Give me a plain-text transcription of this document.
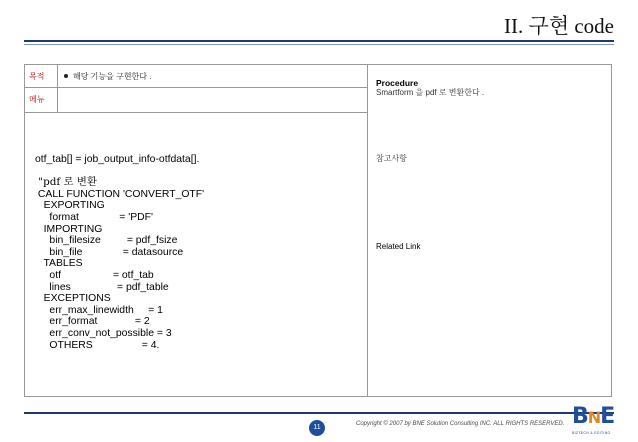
II. 구현 code
목적	해당 기능을 구현한다 .
메뉴
otf_tab[] = job_output_info-otfdata[].
"pdf 로 변환
CALL FUNCTION 'CONVERT_OTF'
EXPORTING
format              = 'PDF'
IMPORTING
bin_filesize         = pdf_fsize
bin_file              = datasource
TABLES
otf                  = otf_tab
lines                = pdf_table
EXCEPTIONS
err_max_linewidth     = 1
err_format             = 2
err_conv_not_possible = 3
OTHERS                 = 4.
Procedure
Smartform 을 pdf 로 변환한다 .
참고사항
Related Link
11	Copyright © 2007 by BNE Solution Consulting INC. ALL RIGHTS RESERVED. BNE
BIZTECH & EDITING
